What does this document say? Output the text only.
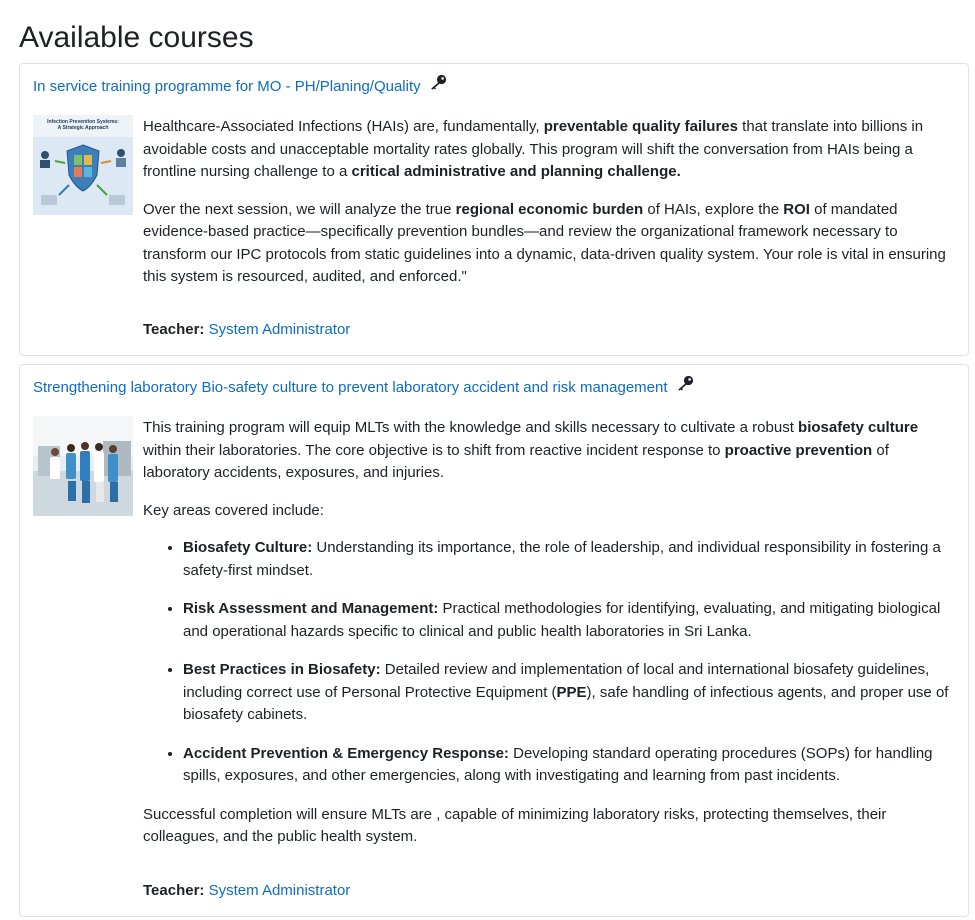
Available courses
In service training programme for MO - PH/Planing/Quality
Infection Prevention Systems:
A Strategic Approach Healthcare-Associated Infections (HAIs) are, fundamentally, preventable quality failures that translate into billions in avoidable costs and unacceptable mortality rates globally. This program will shift the conversation from HAIs being a frontline nursing challenge to a critical administrative and planning challenge.

Over the next session, we will analyze the true regional economic burden of HAIs, explore the ROI of mandated evidence-based practice—specifically prevention bundles—and review the organizational framework necessary to transform our IPC protocols from static guidelines into a dynamic, data-driven quality system. Your role is vital in ensuring this system is resourced, audited, and enforced."

Teacher: System Administrator
Strengthening laboratory Bio-safety culture to prevent laboratory accident and risk management

This training program will equip MLTs with the knowledge and skills necessary to cultivate a robust biosafety culture within their laboratories. The core objective is to shift from reactive incident response to proactive prevention of laboratory accidents, exposures, and injuries.

Key areas covered include:

• Biosafety Culture: Understanding its importance, the role of leadership, and individual responsibility in fostering a safety-first mindset.
• Risk Assessment and Management: Practical methodologies for identifying, evaluating, and mitigating biological and operational hazards specific to clinical and public health laboratories in Sri Lanka.
• Best Practices in Biosafety: Detailed review and implementation of local and international biosafety guidelines, including correct use of Personal Protective Equipment (PPE), safe handling of infectious agents, and proper use of biosafety cabinets.
• Accident Prevention & Emergency Response: Developing standard operating procedures (SOPs) for handling spills, exposures, and other emergencies, along with investigating and learning from past incidents.

Successful completion will ensure MLTs are , capable of minimizing laboratory risks, protecting themselves, their colleagues, and the public health system.

Teacher: System Administrator
